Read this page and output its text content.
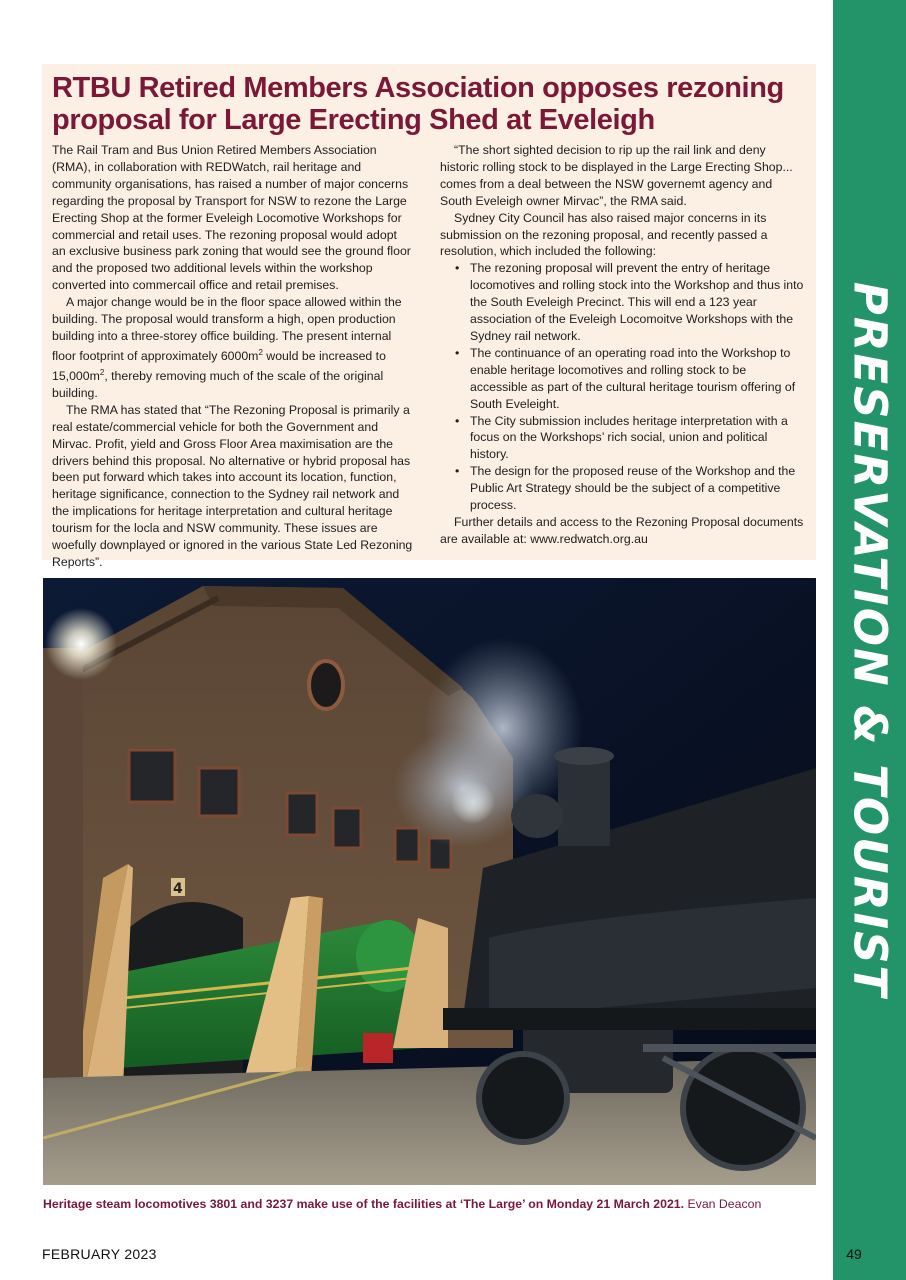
PRESERVATION & TOURIST
49
RTBU Retired Members Association opposes rezoning proposal for Large Erecting Shed at Eveleigh

The Rail Tram and Bus Union Retired Members Association (RMA), in collaboration with REDWatch, rail heritage and community organisations, has raised a number of major concerns regarding the proposal by Transport for NSW to rezone the Large Erecting Shop at the former Eveleigh Locomotive Workshops for commercial and retail uses. The rezoning proposal would adopt an exclusive business park zoning that would see the ground floor and the proposed two additional levels within the workshop converted into commercail office and retail premises.

A major change would be in the floor space allowed within the building. The proposal would transform a high, open production building into a three-storey office building. The present internal floor footprint of approximately $6000m^2$ would be increased to $15,000m^2$, thereby removing much of the scale of the original building.

The RMA has stated that “The Rezoning Proposal is primarily a real estate/commercial vehicle for both the Government and Mirvac. Profit, yield and Gross Floor Area maximisation are the drivers behind this proposal. No alternative or hybrid proposal has been put forward which takes into account its location, function, heritage significance, connection to the Sydney rail network and the implications for heritage interpretation and cultural heritage tourism for the locla and NSW community. These issues are woefully downplayed or ignored in the various State Led Rezoning Reports”.

“The short sighted decision to rip up the rail link and deny historic rolling stock to be displayed in the Large Erecting Shop... comes from a deal between the NSW governemt agency and South Eveleigh owner Mirvac”, the RMA said.

Sydney City Council has also raised major concerns in its submission on the rezoning proposal, and recently passed a resolution, which included the following:

• The rezoning proposal will prevent the entry of heritage locomotives and rolling stock into the Workshop and thus into the South Eveleigh Precinct. This will end a 123 year association of the Eveleigh Locomoitve Workshops with the Sydney rail network.
• The continuance of an operating road into the Workshop to enable heritage locomotives and rolling stock to be accessible as part of the cultural heritage tourism offering of South Eveleight.
• The City submission includes heritage interpretation with a focus on the Workshops’ rich social, union and political history.
• The design for the proposed reuse of the Workshop and the Public Art Strategy should be the subject of a competitive process.

Further details and access to the Rezoning Proposal documents are available at: www.redwatch.org.au

4
Heritage steam locomotives 3801 and 3237 make use of the facilities at ‘The Large’ on Monday 21 March 2021. Evan Deacon
FEBRUARY 2023
